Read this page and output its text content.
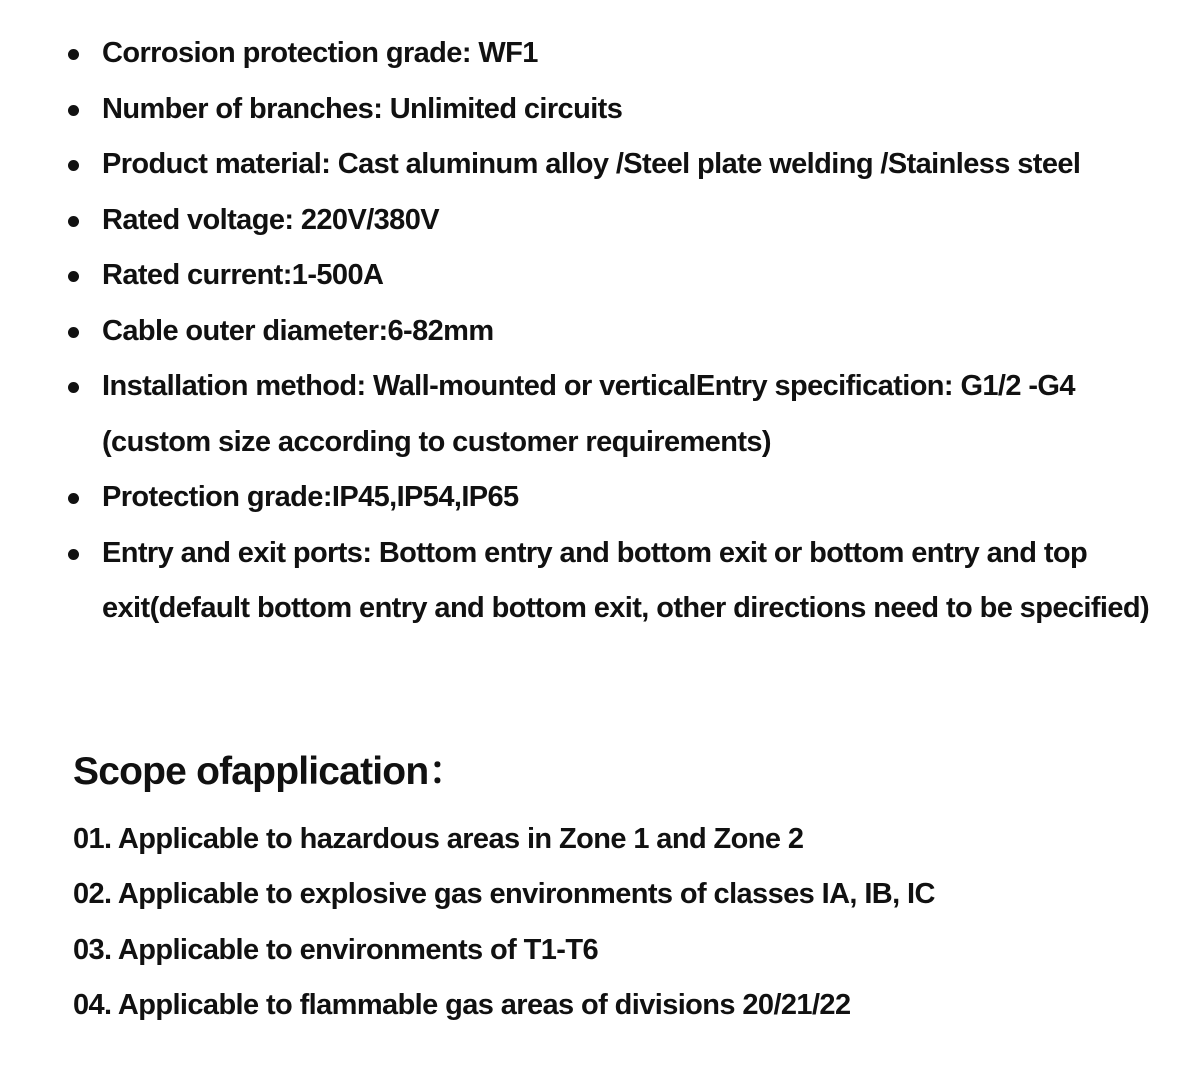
Corrosion protection grade: WF1
Number of branches: Unlimited circuits
Product material: Cast aluminum alloy /Steel plate welding /Stainless steel
Rated voltage: 220V/380V
Rated current:1-500A
Cable outer diameter:6-82mm
Installation method: Wall-mounted or verticalEntry specification: G1/2 -G4 (custom size according to customer requirements)
Protection grade:IP45,IP54,IP65
Entry and exit ports: Bottom entry and bottom exit or bottom entry and top exit(default bottom entry and bottom exit, other directions need to be specified)
Scope ofapplication：
01. Applicable to hazardous areas in Zone 1 and Zone 2
02. Applicable to explosive gas environments of classes IA, IB, IC
03. Applicable to environments of T1-T6
04. Applicable to flammable gas areas of divisions 20/21/22
